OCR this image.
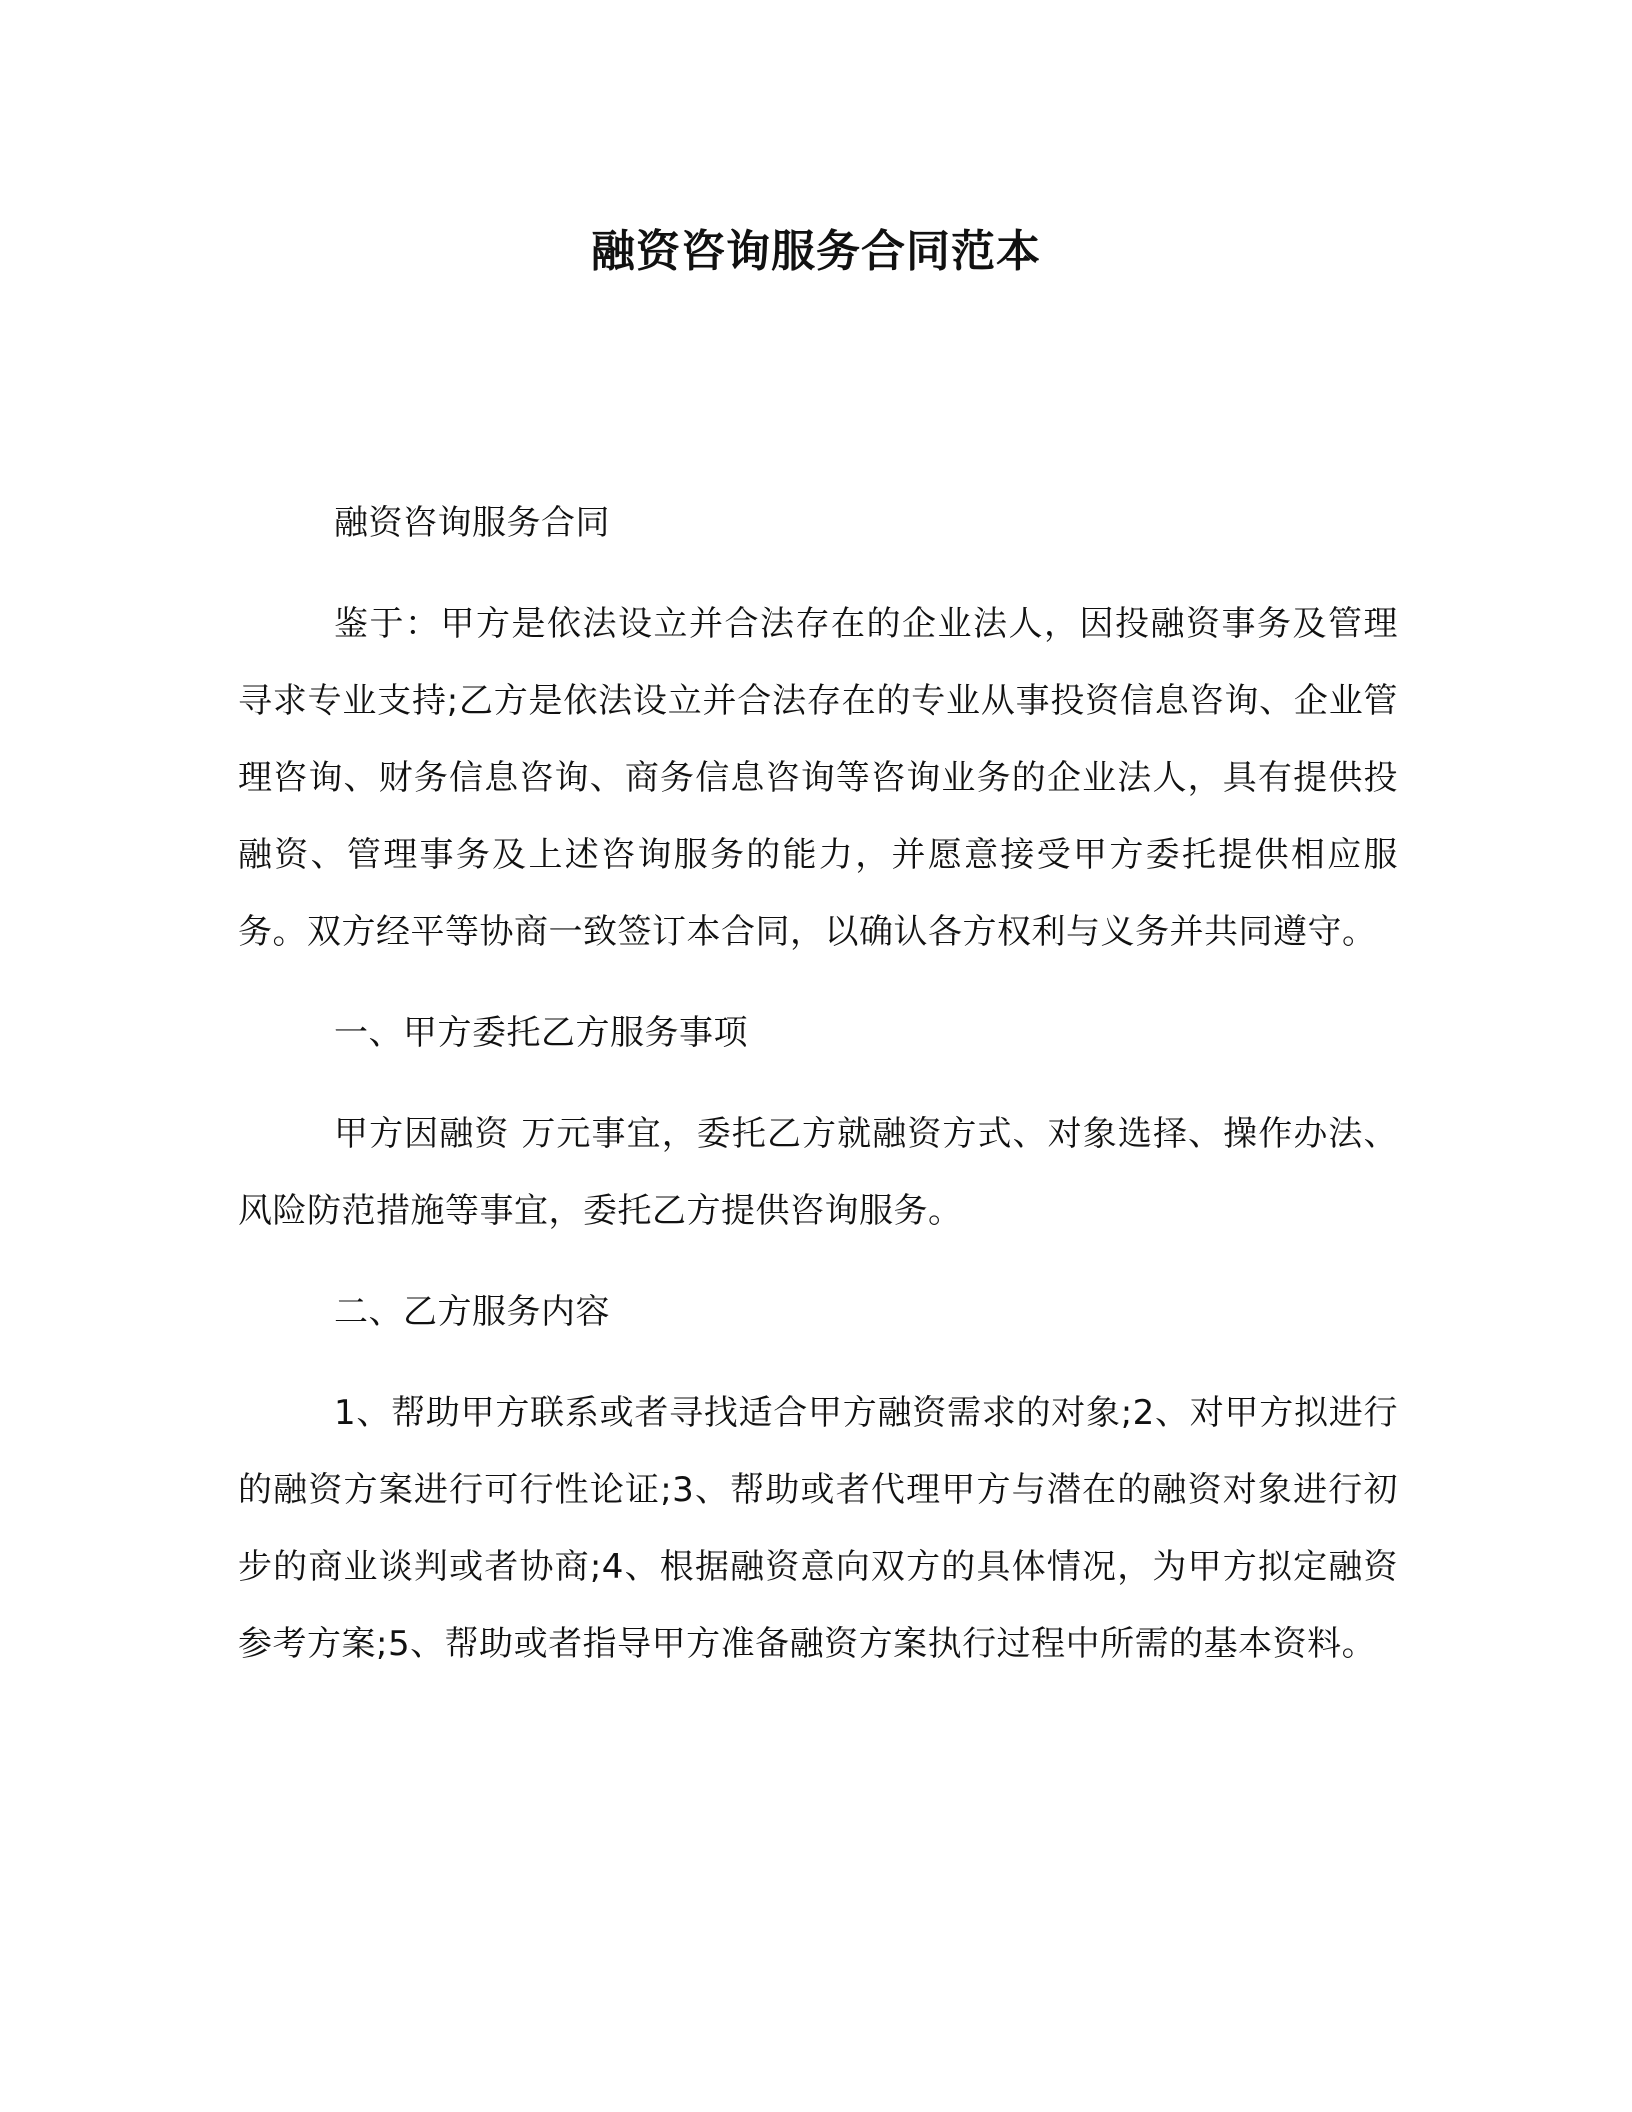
融资咨询服务合同范本

融资咨询服务合同

鉴于：甲方是依法设立并合法存在的企业法人，因投融资事务及管理寻求专业支持;乙方是依法设立并合法存在的专业从事投资信息咨询、企业管理咨询、财务信息咨询、商务信息咨询等咨询业务的企业法人，具有提供投融资、管理事务及上述咨询服务的能力，并愿意接受甲方委托提供相应服务。双方经平等协商一致签订本合同，以确认各方权利与义务并共同遵守。

一、甲方委托乙方服务事项

甲方因融资 万元事宜，委托乙方就融资方式、对象选择、操作办法、风险防范措施等事宜，委托乙方提供咨询服务。

二、乙方服务内容

1、帮助甲方联系或者寻找适合甲方融资需求的对象;2、对甲方拟进行的融资方案进行可行性论证;3、帮助或者代理甲方与潜在的融资对象进行初步的商业谈判或者协商;4、根据融资意向双方的具体情况，为甲方拟定融资参考方案;5、帮助或者指导甲方准备融资方案执行过程中所需的基本资料。
